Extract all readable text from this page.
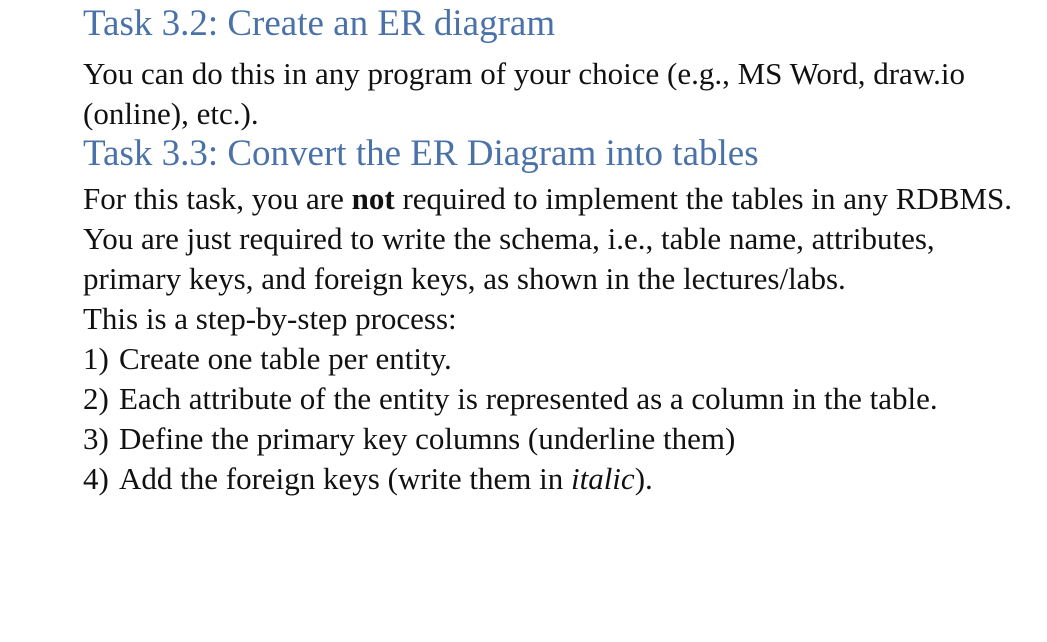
Task 3.2: Create an ER diagram

You can do this in any program of your choice (e.g., MS Word, draw.io (online), etc.).

Task 3.3: Convert the ER Diagram into tables

For this task, you are not required to implement the tables in any RDBMS. You are just required to write the schema, i.e., table name, attributes, primary keys, and foreign keys, as shown in the lectures/labs.

This is a step-by-step process:

1) Create one table per entity.
2) Each attribute of the entity is represented as a column in the table.
3) Define the primary key columns (underline them)
4) Add the foreign keys (write them in italic).
